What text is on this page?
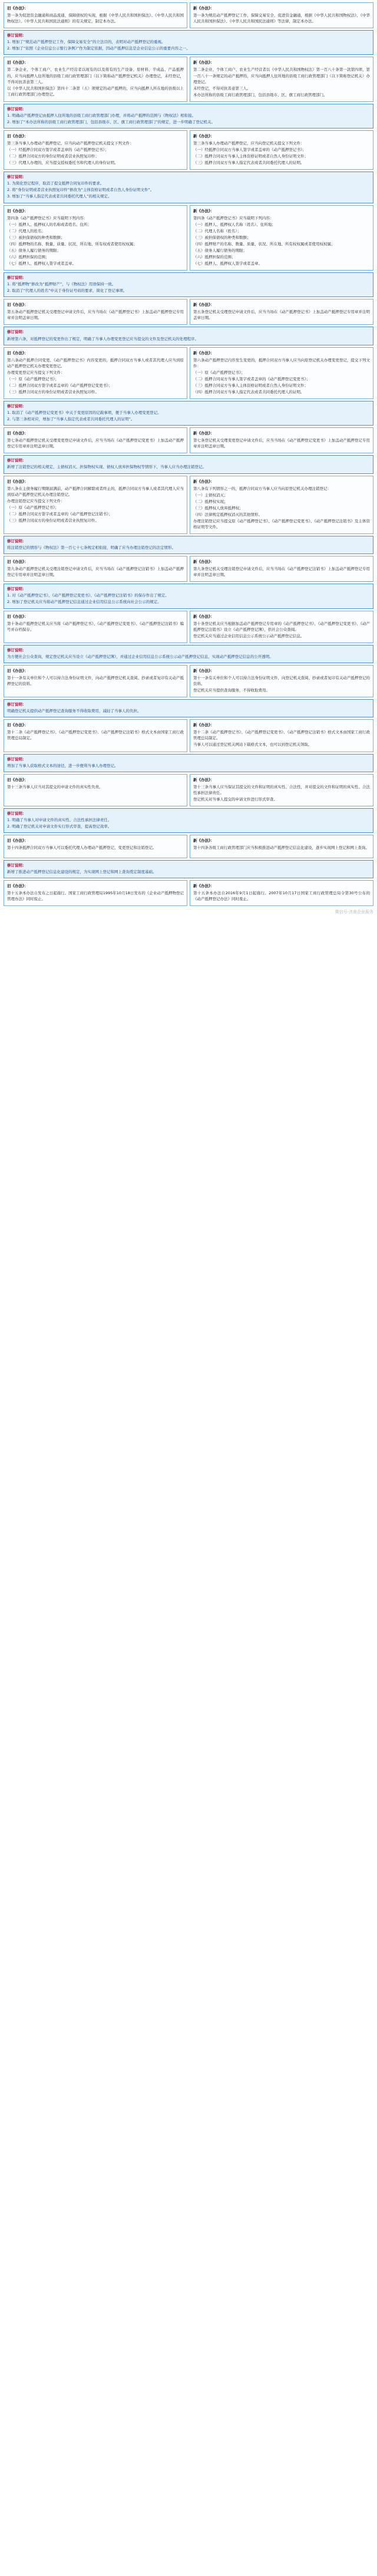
旧《办法》：

第一条为促进资金融通和商品流通，保障债权的实现，根据《中华人民共和国担保法》、《中华人民共和国物权法》、《中华人民共和国民法通则》的有关规定，制定本办法。

新《办法》：

第一条为规范动产抵押登记工作，保障交易安全，促进资金融通，根据《中华人民共和国物权法》、《中华人民共和国担保法》、《中华人民共和国民法通则》等法律，制定本办法。

修订说明：

1. 增加了“规范动产抵押登记工作，保障交易安全”的立法目的，表明对动产抵押登记的重视。

2. 增加了“依照《企业信息公示暂行条例》”作为制定依据，因动产抵押信息是企业信息公示的重要内容之一。

旧《办法》：

第二条企业、个体工商户、农业生产经营者以现有的以及将有的生产设备、原材料、半成品、产品抵押的，应当向抵押人住所地的县级工商行政管理部门（以下简称动产抵押登记机关）办理登记，未经登记，不得对抗善意第三人。

以《中华人民共和国担保法》第四十二条第（五）项规定的动产抵押的，应当向抵押人所在地的县级以上工商行政管理部门办理登记。

新《办法》：

第二条企业、个体工商户、农业生产经营者以《中华人民共和国物权法》第一百八十条第一款第四项、第一百八十一条规定的动产抵押的，应当向抵押人住所地的县级工商行政管理部门（以下简称登记机关）办理登记。

未经登记，不得对抗善意第三人。

本办法所称的县级工商行政管理部门，包括县级市、区、旗工商行政管理部门。

修订说明：

1. 明确动产抵押登记由抵押人住所地的县级工商行政管理部门办理，并将动产抵押的范围与《物权法》相衔接。

2. 增加了“本办法所称的县级工商行政管理部门，包括县级市、区、旗工商行政管理部门”的规定，进一步明确了登记机关。

旧《办法》：

第三条当事人办理动产抵押登记，应当向动产抵押登记机关提交下列文件：

（一）经抵押合同双方签字或者盖章的《动产抵押登记书》；

（二）抵押合同双方的身份证明或者营业执照复印件；

（三）代理人办理的，应当提交授权委托书和代理人的身份证明。

新《办法》：

第三条当事人办理动产抵押登记，应当向登记机关提交下列文件：

（一）经抵押合同双方当事人签字或者盖章的《动产抵押登记书》；

（二）抵押合同双方当事人主体资格证明或者自然人身份证明文件；

（三）抵押合同双方当事人指定代表或者共同委托代理人的证明。

修订说明：

1. 为简化登记程序，取消了提交抵押合同复印件的要求。

2. 将“身份证明或者营业执照复印件”修改为“主体资格证明或者自然人身份证明文件”。

3. 增加了“当事人指定代表或者共同委托代理人”的相关规定。

旧《办法》：

第四条《动产抵押登记书》应当载明下列内容：

（一）抵押人、抵押权人的名称或者姓名、住所；

（二）代理人的姓名；

（三）被担保债权的种类和数额；

（四）抵押物的名称、数量、质量、状况、所在地、所有权或者使用权权属；

（五）债务人履行债务的期限；

（六）抵押担保的范围；

（七）抵押人、抵押权人签字或者盖章。

新《办法》：

第四条《动产抵押登记书》应当载明下列内容：

（一）抵押人、抵押权人名称（姓名）、住所地；

（二）代理人名称（姓名）；

（三）被担保债权的种类和数额；

（四）抵押财产的名称、数量、质量、状况、所在地、所有权权属或者使用权权属；

（五）债务人履行债务的期限；

（六）抵押担保的范围；

（七）抵押人、抵押权人签字或者盖章。

修订说明：

1. 将“抵押物”修改为“抵押财产”，与《物权法》用语保持一致。

2. 取消了“代理人的姓名”中关于身份证号码的要求，简化了登记事项。

旧《办法》：

第五条动产抵押登记机关受理登记申请文件后，应当当场在《动产抵押登记书》上加盖动产抵押登记专用章并注明盖章日期。

新《办法》：

第五条登记机关受理登记申请文件后，应当当场在《动产抵押登记书》上加盖动产抵押登记专用章并注明盖章日期。

修订说明：

新增第六条，对抵押登记的变更作出了规定，明确了当事人办理变更登记应当提交的文件及登记机关的处理程序。

旧《办法》：

第六条动产抵押合同变更、《动产抵押登记书》内容变更的，抵押合同双方当事人或者其代理人应当到原动产抵押登记机关办理变更登记。

办理变更登记应当提交下列文件：

（一）原《动产抵押登记书》；

（二）抵押合同双方签字或者盖章的《动产抵押登记变更书》；

（三）抵押合同双方的身份证明或者营业执照复印件。

新《办法》：

第六条动产抵押登记内容发生变更的，抵押合同双方当事人应当向原登记机关办理变更登记，提交下列文件：

（一）原《动产抵押登记书》；

（二）抵押合同双方当事人签字或者盖章的《动产抵押登记变更书》；

（三）抵押合同双方当事人主体资格证明或者自然人身份证明文件；

（四）抵押合同双方当事人指定代表或者共同委托代理人的证明。

修订说明：

1. 取消了《动产抵押登记变更书》中关于变更原因的记载事项，便于当事人办理变更登记。

2. 与第三条相对应，增加了“当事人指定代表或者共同委托代理人的证明”。

旧《办法》：

第七条动产抵押登记机关受理变更登记申请文件后，应当当场在《动产抵押登记变更书》上加盖动产抵押登记专用章并注明盖章日期。

新《办法》：

第七条登记机关受理变更登记申请文件后，应当当场在《动产抵押登记变更书》上加盖动产抵押登记专用章并注明盖章日期。

修订说明：

新增了注销登记的相关规定，主债权消灭、担保物权实现、债权人放弃担保物权等情形下，当事人应当办理注销登记。

旧《办法》：

第八条在主债务履行期限届满前，动产抵押合同解除或者终止的，抵押合同双方当事人或者其代理人应当到原动产抵押登记机关办理注销登记。

办理注销登记应当提交下列文件：

（一）原《动产抵押登记书》；

（二）抵押合同双方签字或者盖章的《动产抵押登记注销书》；

（三）抵押合同双方的身份证明或者营业执照复印件。

新《办法》：

第八条有下列情形之一的，抵押合同双方当事人应当向原登记机关办理注销登记：

（一）主债权消灭；

（二）抵押权实现；

（三）抵押权人放弃抵押权；

（四）法律规定抵押权消灭的其他情形。

办理注销登记应当提交原《动产抵押登记书》、《动产抵押登记变更书》、《动产抵押登记注销书》及主体资格证明等文件。

修订说明：

将注销登记的情形与《物权法》第一百七十七条规定相衔接，明确了应当办理注销登记的法定情形。

旧《办法》：

第九条动产抵押登记机关受理注销登记申请文件后，应当当场在《动产抵押登记注销书》上加盖动产抵押登记专用章并注明盖章日期。

新《办法》：

第九条登记机关受理注销登记申请文件后，应当当场在《动产抵押登记注销书》上加盖动产抵押登记专用章并注明盖章日期。

修订说明：

1. 对《动产抵押登记书》、《动产抵押登记变更书》、《动产抵押登记注销书》的保存作出了规定。

2. 增加了登记机关应当将动产抵押登记信息通过企业信用信息公示系统向社会公示的规定。

旧《办法》：

第十条动产抵押登记机关应当将《动产抵押登记书》、《动产抵押登记变更书》、《动产抵押登记注销书》编号并存档保存。

新《办法》：

第十条登记机关应当根据加盖动产抵押登记专用章的《动产抵押登记书》、《动产抵押登记变更书》、《动产抵押登记注销书》设立《动产抵押登记簿》，供社会公众查阅。

登记机关应当通过企业信用信息公示系统公示动产抵押登记信息。

修订说明：

为方便社会公众查询，规定登记机关应当设立《动产抵押登记簿》，并通过企业信用信息公示系统公示动产抵押登记信息，实现动产抵押登记信息的公开透明。

旧《办法》：

第十一条有关单位和个人可以持合法身份证明文件，向动产抵押登记机关查阅、抄录或者复印有关动产抵押登记的资料。

新《办法》：

第十一条有关单位和个人可以持合法身份证明文件，向登记机关查阅、抄录或者复印有关动产抵押登记的资料。

登记机关应当提供查询服务，不得收取费用。

修订说明：

明确登记机关提供动产抵押登记查询服务不得收取费用，减轻了当事人的负担。

旧《办法》：

第十二条《动产抵押登记书》、《动产抵押登记变更书》、《动产抵押登记注销书》格式文本由国家工商行政管理总局制定。

新《办法》：

第十二条《动产抵押登记书》、《动产抵押登记变更书》、《动产抵押登记注销书》格式文本由国家工商行政管理总局制定。

当事人可以通过登记机关网站下载格式文本，也可以到登记机关领取。

修订说明：

增加了当事人获取格式文本的途径，进一步便利当事人办理登记。

旧《办法》：

第十三条当事人应当对其提交的申请文件的真实性负责。

新《办法》：

第十三条当事人应当保证其提交的文件和证明的真实性、合法性，并对提交的文件和证明的真实性、合法性承担法律责任。

登记机关对当事人提交的申请文件进行形式审查。

修订说明：

1. 明确了当事人对申请文件的真实性、合法性承担法律责任。

2. 明确了登记机关对申请文件实行形式审查，提高登记效率。

旧《办法》：

第十四条抵押合同双方当事人可以委托代理人办理动产抵押登记、变更登记和注销登记。

新《办法》：

第十四条各级工商行政管理部门应当积极推进动产抵押登记信息化建设，逐步实现网上登记和网上查询。

修订说明：

新增了推进动产抵押登记信息化建设的规定，为实现网上登记和网上查询奠定制度基础。

旧《办法》：

第十五条本办法自发布之日起施行。国家工商行政管理局1995年10月18日发布的《企业动产抵押物登记管理办法》同时废止。

新《办法》：

第十五条本办法自2016年9月1日起施行。2007年10月17日国家工商行政管理总局令第30号公布的《动产抵押登记办法》同时废止。

微信号·济南企业服务
